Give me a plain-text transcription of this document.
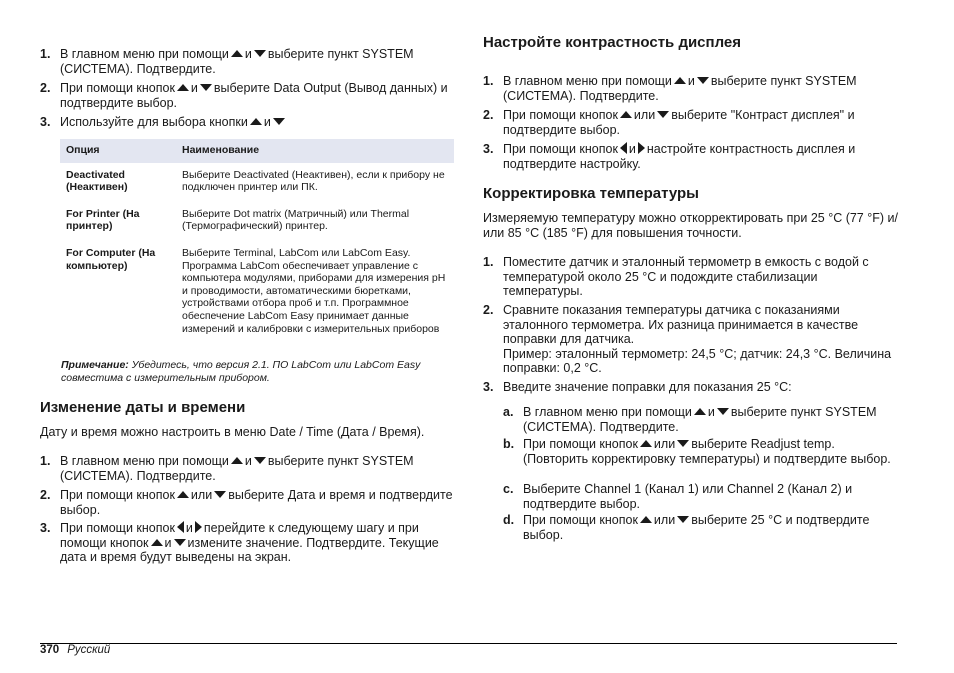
1. В главном меню при помощи и выберите пункт SYSTEM (СИСТЕМА). Подтвердите.
2. При помощи кнопок и выберите Data Output (Вывод данных) и подтвердите выбор.
3. Используйте для выбора кнопки и
Опция	Наименование
Deactivated (Неактивен)	Выберите Deactivated (Неактивен), если к прибору не подключен принтер или ПК.
For Printer (На принтер)	Выберите Dot matrix (Матричный) или Thermal (Термографический) принтер.
For Computer (На компьютер)	Выберите Terminal, LabCom или LabCom Easy. Программа LabCom обеспечивает управление с компьютера модулями, приборами для измерения pH и проводимости, автоматическими бюретками, устройствами отбора проб и т.п. Программное обеспечение LabCom Easy принимает данные измерений и калибровки с измерительных приборов
Примечание: Убедитесь, что версия 2.1. ПО LabCom или LabCom Easy совместима с измерительным прибором.
Изменение даты и времени
Дату и время можно настроить в меню Date / Time (Дата / Время).
1. В главном меню при помощи и выберите пункт SYSTEM (СИСТЕМА). Подтвердите.
2. При помощи кнопок или выберите Дата и время и подтвердите выбор.
3. При помощи кнопок и перейдите к следующему шагу и при помощи кнопок и измените значение. Подтвердите. Текущие дата и время будут выведены на экран.
Настройте контрастность дисплея
1. В главном меню при помощи и выберите пункт SYSTEM (СИСТЕМА). Подтвердите.
2. При помощи кнопок или выберите "Контраст дисплея" и подтвердите выбор.
3. При помощи кнопок и настройте контрастность дисплея и подтвердите настройку.
Корректировка температуры
Измеряемую температуру можно откорректировать при 25 °C (77 °F) и/или 85 °C (185 °F) для повышения точности.
1. Поместите датчик и эталонный термометр в емкость с водой с температурой около 25 °C и подождите стабилизации температуры.
2. Сравните показания температуры датчика с показаниями эталонного термометра. Их разница принимается в качестве поправки для датчика.
Пример: эталонный термометр: 24,5 °C; датчик: 24,3 °C. Величина поправки: 0,2 °C.
3. Введите значение поправки для показания 25 °C:
a. В главном меню при помощи и выберите пункт SYSTEM (СИСТЕМА). Подтвердите.
b. При помощи кнопок или выберите Readjust temp. (Повторить корректировку температуры) и подтвердите выбор.
c. Выберите Channel 1 (Канал 1) или Channel 2 (Канал 2) и подтвердите выбор.
d. При помощи кнопок или выберите 25 °C и подтвердите выбор.
370 Русский
